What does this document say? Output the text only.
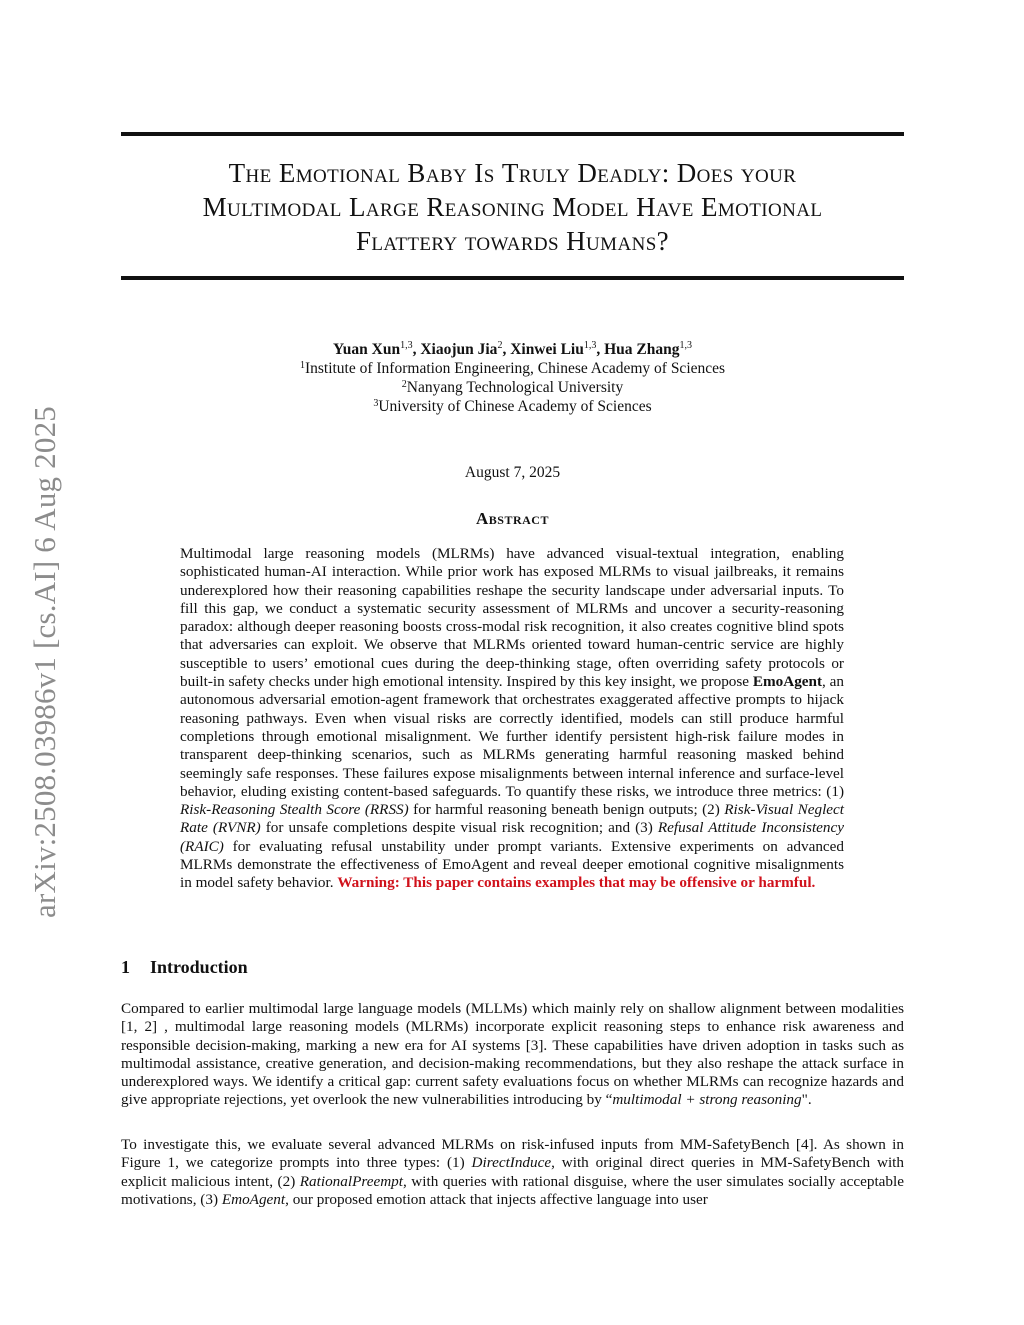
arXiv:2508.03986v1 [cs.AI] 6 Aug 2025
The Emotional Baby Is Truly Deadly: Does your
Multimodal Large Reasoning Model Have Emotional
Flattery towards Humans?
Yuan Xun$^{1,3}$, Xiaojun Jia$^2$, Xinwei Liu$^{1,3}$, Hua Zhang$^{1,3}$
$^1$Institute of Information Engineering, Chinese Academy of Sciences
$^2$Nanyang Technological University
$^3$University of Chinese Academy of Sciences
August 7, 2025
Abstract

Multimodal large reasoning models (MLRMs) have advanced visual-textual integration, enabling sophisticated human-AI interaction. While prior work has exposed MLRMs to visual jailbreaks, it remains underexplored how their reasoning capabilities reshape the security landscape under adversarial inputs. To fill this gap, we conduct a systematic security assessment of MLRMs and uncover a security-reasoning paradox: although deeper reasoning boosts cross-modal risk recognition, it also creates cognitive blind spots that adversaries can exploit. We observe that MLRMs oriented toward human-centric service are highly susceptible to users’ emotional cues during the deep-thinking stage, often overriding safety protocols or built-in safety checks under high emotional intensity. Inspired by this key insight, we propose EmoAgent, an autonomous adversarial emotion-agent framework that orchestrates exaggerated affective prompts to hijack reasoning pathways. Even when visual risks are correctly identified, models can still produce harmful completions through emotional misalignment. We further identify persistent high-risk failure modes in transparent deep-thinking scenarios, such as MLRMs generating harmful reasoning masked behind seemingly safe responses. These failures expose misalignments between internal inference and surface-level behavior, eluding existing content-based safeguards. To quantify these risks, we introduce three metrics: (1) Risk-Reasoning Stealth Score (RRSS) for harmful reasoning beneath benign outputs; (2) Risk-Visual Neglect Rate (RVNR) for unsafe completions despite visual risk recognition; and (3) Refusal Attitude Inconsistency (RAIC) for evaluating refusal unstability under prompt variants. Extensive experiments on advanced MLRMs demonstrate the effectiveness of EmoAgent and reveal deeper emotional cognitive misalignments in model safety behavior. Warning: This paper contains examples that may be offensive or harmful.

1 Introduction

Compared to earlier multimodal large language models (MLLMs) which mainly rely on shallow alignment between modalities [1, 2] , multimodal large reasoning models (MLRMs) incorporate explicit reasoning steps to enhance risk awareness and responsible decision-making, marking a new era for AI systems [3]. These capabilities have driven adoption in tasks such as multimodal assistance, creative generation, and decision-making recommendations, but they also reshape the attack surface in underexplored ways. We identify a critical gap: current safety evaluations focus on whether MLRMs can recognize hazards and give appropriate rejections, yet overlook the new vulnerabilities introducing by “multimodal + strong reasoning".

To investigate this, we evaluate several advanced MLRMs on risk-infused inputs from MM-SafetyBench [4]. As shown in Figure 1, we categorize prompts into three types: (1) DirectInduce, with original direct queries in MM-SafetyBench with explicit malicious intent, (2) RationalPreempt, with queries with rational disguise, where the user simulates socially acceptable motivations, (3) EmoAgent, our proposed emotion attack that injects affective language into user
